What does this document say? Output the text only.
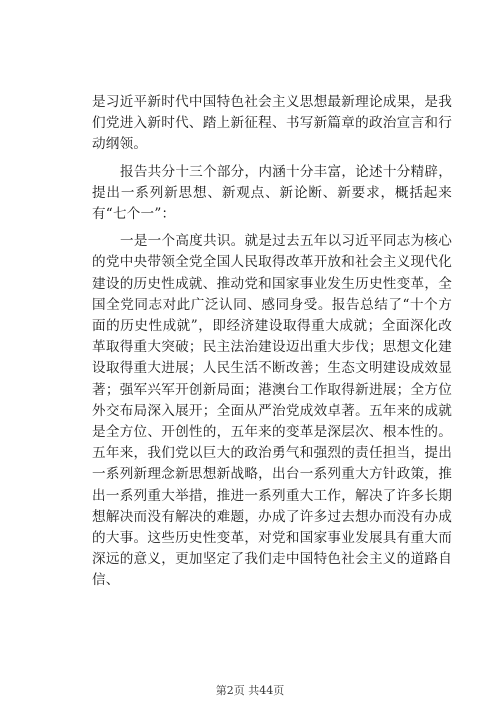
是习近平新时代中国特色社会主义思想最新理论成果，是我们党进入新时代、踏上新征程、书写新篇章的政治宣言和行动纲领。

报告共分十三个部分，内涵十分丰富，论述十分精辟，提出一系列新思想、新观点、新论断、新要求，概括起来有“七个一”：

一是一个高度共识。就是过去五年以习近平同志为核心的党中央带领全党全国人民取得改革开放和社会主义现代化建设的历史性成就、推动党和国家事业发生历史性变革，全国全党同志对此广泛认同、感同身受。报告总结了“十个方面的历史性成就”，即经济建设取得重大成就；全面深化改革取得重大突破；民主法治建设迈出重大步伐；思想文化建设取得重大进展；人民生活不断改善；生态文明建设成效显著；强军兴军开创新局面；港澳台工作取得新进展；全方位外交布局深入展开；全面从严治党成效卓著。五年来的成就是全方位、开创性的，五年来的变革是深层次、根本性的。五年来，我们党以巨大的政治勇气和强烈的责任担当，提出一系列新理念新思想新战略，出台一系列重大方针政策，推出一系列重大举措，推进一系列重大工作，解决了许多长期想解决而没有解决的难题，办成了许多过去想办而没有办成的大事。这些历史性变革，对党和国家事业发展具有重大而深远的意义，更加坚定了我们走中国特色社会主义的道路自信、

第2页 共44页
